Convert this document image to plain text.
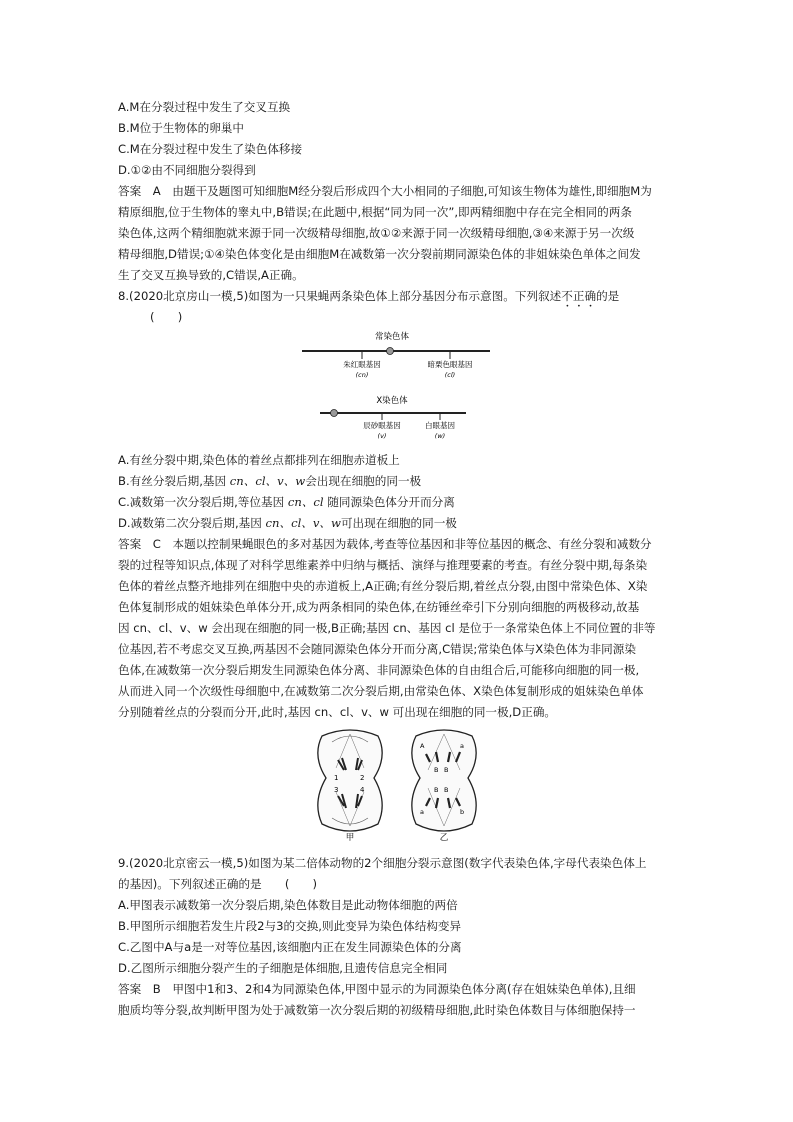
A.M在分裂过程中发生了交叉互换
B.M位于生物体的卵巢中
C.M在分裂过程中发生了染色体移接
D.①②由不同细胞分裂得到
答案　A　由题干及题图可知细胞M经分裂后形成四个大小相同的子细胞,可知该生物体为雄性,即细胞M为
精原细胞,位于生物体的睾丸中,B错误;在此题中,根据“同为同一次”,即两精细胞中存在完全相同的两条
染色体,这两个精细胞就来源于同一次级精母细胞,故①②来源于同一次级精母细胞,③④来源于另一次级
精母细胞,D错误;①④染色体变化是由细胞M在减数第一次分裂前期同源染色体的非姐妹染色单体之间发
生了交叉互换导致的,C错误,A正确。
8.(2020北京房山一模,5)如图为一只果蝇两条染色体上部分基因分布示意图。下列叙述不正确的是
(　　)
常染色体
朱红眼基因
(cn)
暗栗色眼基因
(cl)
X染色体
辰砂眼基因
(v)
白眼基因
(w)
A.有丝分裂中期,染色体的着丝点都排列在细胞赤道板上
B.有丝分裂后期,基因 cn、cl、v、w会出现在细胞的同一极
C.减数第一次分裂后期,等位基因 cn、cl 随同源染色体分开而分离
D.减数第二次分裂后期,基因 cn、cl、v、w可出现在细胞的同一极
答案　C　本题以控制果蝇眼色的多对基因为载体,考查等位基因和非等位基因的概念、有丝分裂和减数分
裂的过程等知识点,体现了对科学思维素养中归纳与概括、演绎与推理要素的考查。有丝分裂中期,每条染
色体的着丝点整齐地排列在细胞中央的赤道板上,A正确;有丝分裂后期,着丝点分裂,由图中常染色体、X染
色体复制形成的姐妹染色单体分开,成为两条相同的染色体,在纺锤丝牵引下分别向细胞的两极移动,故基
因 cn、cl、v、w 会出现在细胞的同一极,B正确;基因 cn、基因 cl 是位于一条常染色体上不同位置的非等
位基因,若不考虑交叉互换,两基因不会随同源染色体分开而分离,C错误;常染色体与X染色体为非同源染
色体,在减数第一次分裂后期发生同源染色体分离、非同源染色体的自由组合后,可能移向细胞的同一极,
从而进入同一个次级性母细胞中,在减数第二次分裂后期,由常染色体、X染色体复制形成的姐妹染色单体
分别随着丝点的分裂而分开,此时,基因 cn、cl、v、w 可出现在细胞的同一极,D正确。
1	2
3	4
甲
A
B B
a
a
B B
b
乙
9.(2020北京密云一模,5)如图为某二倍体动物的2个细胞分裂示意图(数字代表染色体,字母代表染色体上
的基因)。下列叙述正确的是　　(　　)
A.甲图表示减数第一次分裂后期,染色体数目是此动物体细胞的两倍
B.甲图所示细胞若发生片段2与3的交换,则此变异为染色体结构变异
C.乙图中A与a是一对等位基因,该细胞内正在发生同源染色体的分离
D.乙图所示细胞分裂产生的子细胞是体细胞,且遗传信息完全相同
答案　B　甲图中1和3、2和4为同源染色体,甲图中显示的为同源染色体分离(存在姐妹染色单体),且细
胞质均等分裂,故判断甲图为处于减数第一次分裂后期的初级精母细胞,此时染色体数目与体细胞保持一
